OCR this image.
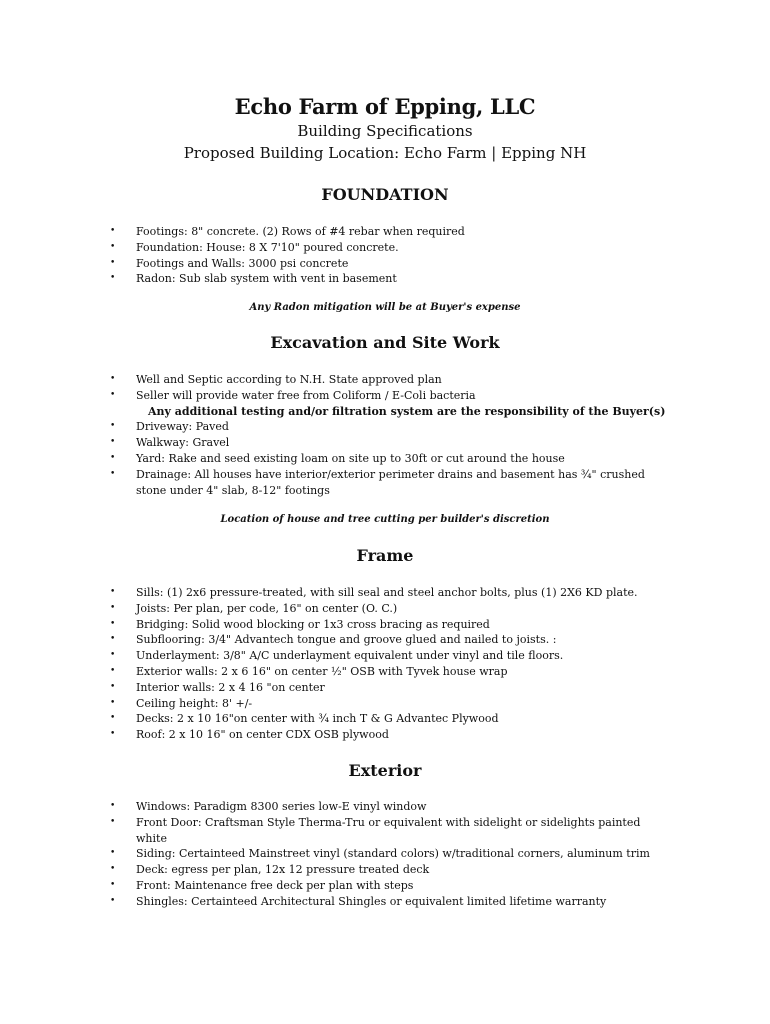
Echo Farm of Epping, LLC
Building Specifications
Proposed Building Location: Echo Farm | Epping NH
FOUNDATION
• Footings: 8" concrete. (2) Rows of #4 rebar when required
• Foundation: House: 8 X 7'10" poured concrete.
• Footings and Walls: 3000 psi concrete
• Radon: Sub slab system with vent in basement
Any Radon mitigation will be at Buyer's expense
Excavation and Site Work
• Well and Septic according to N.H. State approved plan
• Seller will provide water free from Coliform / E-Coli bacteria
Any additional testing and/or filtration system are the responsibility of the Buyer(s)
• Driveway: Paved
• Walkway: Gravel
• Yard: Rake and seed existing loam on site up to 30ft or cut around the house
• Drainage: All houses have interior/exterior perimeter drains and basement has ¾" crushed stone under 4" slab, 8-12" footings
Location of house and tree cutting per builder's discretion
Frame
• Sills: (1) 2x6 pressure-treated, with sill seal and steel anchor bolts, plus (1) 2X6 KD plate.
• Joists: Per plan, per code, 16" on center (O. C.)
• Bridging: Solid wood blocking or 1x3 cross bracing as required
• Subflooring: 3/4" Advantech tongue and groove glued and nailed to joists. :
• Underlayment: 3/8" A/C underlayment equivalent under vinyl and tile floors.
• Exterior walls: 2 x 6 16" on center ½" OSB with Tyvek house wrap
• Interior walls: 2 x 4 16 "on center
• Ceiling height: 8' +/-
• Decks: 2 x 10 16"on center with ¾ inch T & G Advantec Plywood
• Roof: 2 x 10 16" on center CDX OSB plywood
Exterior
• Windows: Paradigm 8300 series low-E vinyl window
• Front Door: Craftsman Style Therma-Tru or equivalent with sidelight or sidelights painted white
• Siding: Certainteed Mainstreet vinyl (standard colors) w/traditional corners, aluminum trim
• Deck: egress per plan, 12x 12 pressure treated deck
• Front: Maintenance free deck per plan with steps
• Shingles: Certainteed Architectural Shingles or equivalent limited lifetime warranty
